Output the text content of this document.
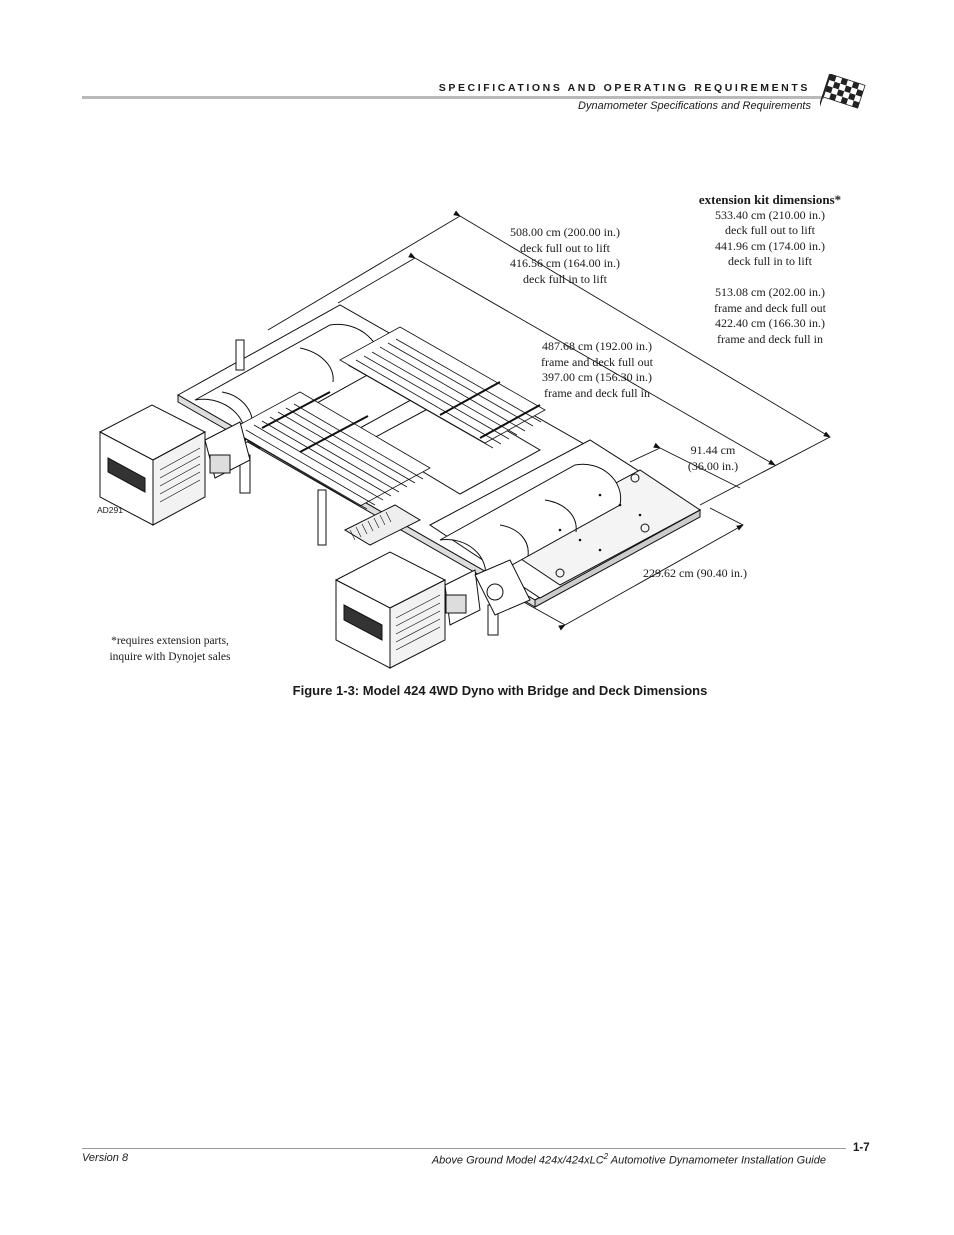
SPECIFICATIONS AND OPERATING REQUIREMENTS
Dynamometer Specifications and Requirements
extension kit dimensions*
533.40 cm (210.00 in.)
deck full out to lift
441.96 cm (174.00 in.)
deck full in to lift
513.08 cm (202.00 in.)
frame and deck full out
422.40 cm (166.30 in.)
frame and deck full in
508.00 cm (200.00 in.)
deck full out to lift
416.56 cm (164.00 in.)
deck full in to lift
487.68 cm (192.00 in.)
frame and deck full out
397.00 cm (156.30 in.)
frame and deck full in
91.44 cm
(36.00 in.)
229.62 cm (90.40 in.)
AD291
*requires extension parts,
inquire with Dynojet sales
Figure 1-3: Model 424 4WD Dyno with Bridge and Deck Dimensions
Version 8	Above Ground Model 424x/424xLC$^2$ Automotive Dynamometer Installation Guide
1-7
